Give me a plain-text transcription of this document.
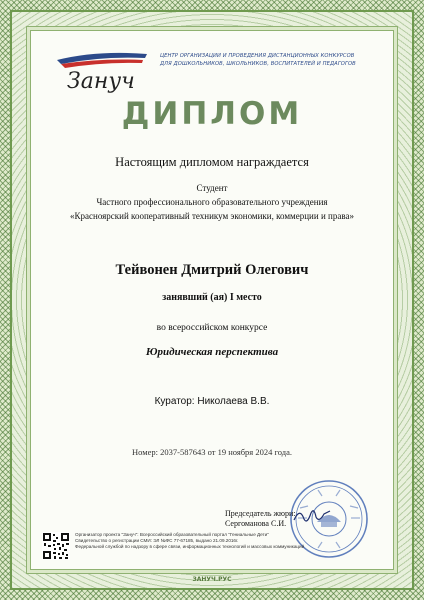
Зануч
ЦЕНТР ОРГАНИЗАЦИИ И ПРОВЕДЕНИЯ ДИСТАНЦИОННЫХ КОНКУРСОВ
ДЛЯ ДОШКОЛЬНИКОВ, ШКОЛЬНИКОВ, ВОСПИТАТЕЛЕЙ И ПЕДАГОГОВ
ДИПЛОМ
Настоящим дипломом награждается
Студент
Частного профессионального образовательного учреждения «Красноярский кооперативный техникум экономики, коммерции и права»
Тейвонен Дмитрий Олегович
занявший (ая) I место
во всероссийском конкурсе
Юридическая перспектива
Куратор: Николаева В.В.
Номер: 2037-587643 от 19 ноября 2024 года.
Председатель жюри:
Сергоманова С.И.
Организатор проекта "Зануч": Всероссийский образовательный портал "Гениальные Дети"
Свидетельство о регистрации СМИ: ЭЛ №ФС 77-67185, выдано 21.09.2016г.
Федеральной службой по надзору в сфере связи, информационных технологий и массовых коммуникаций
ЗАНУЧ.РУС
